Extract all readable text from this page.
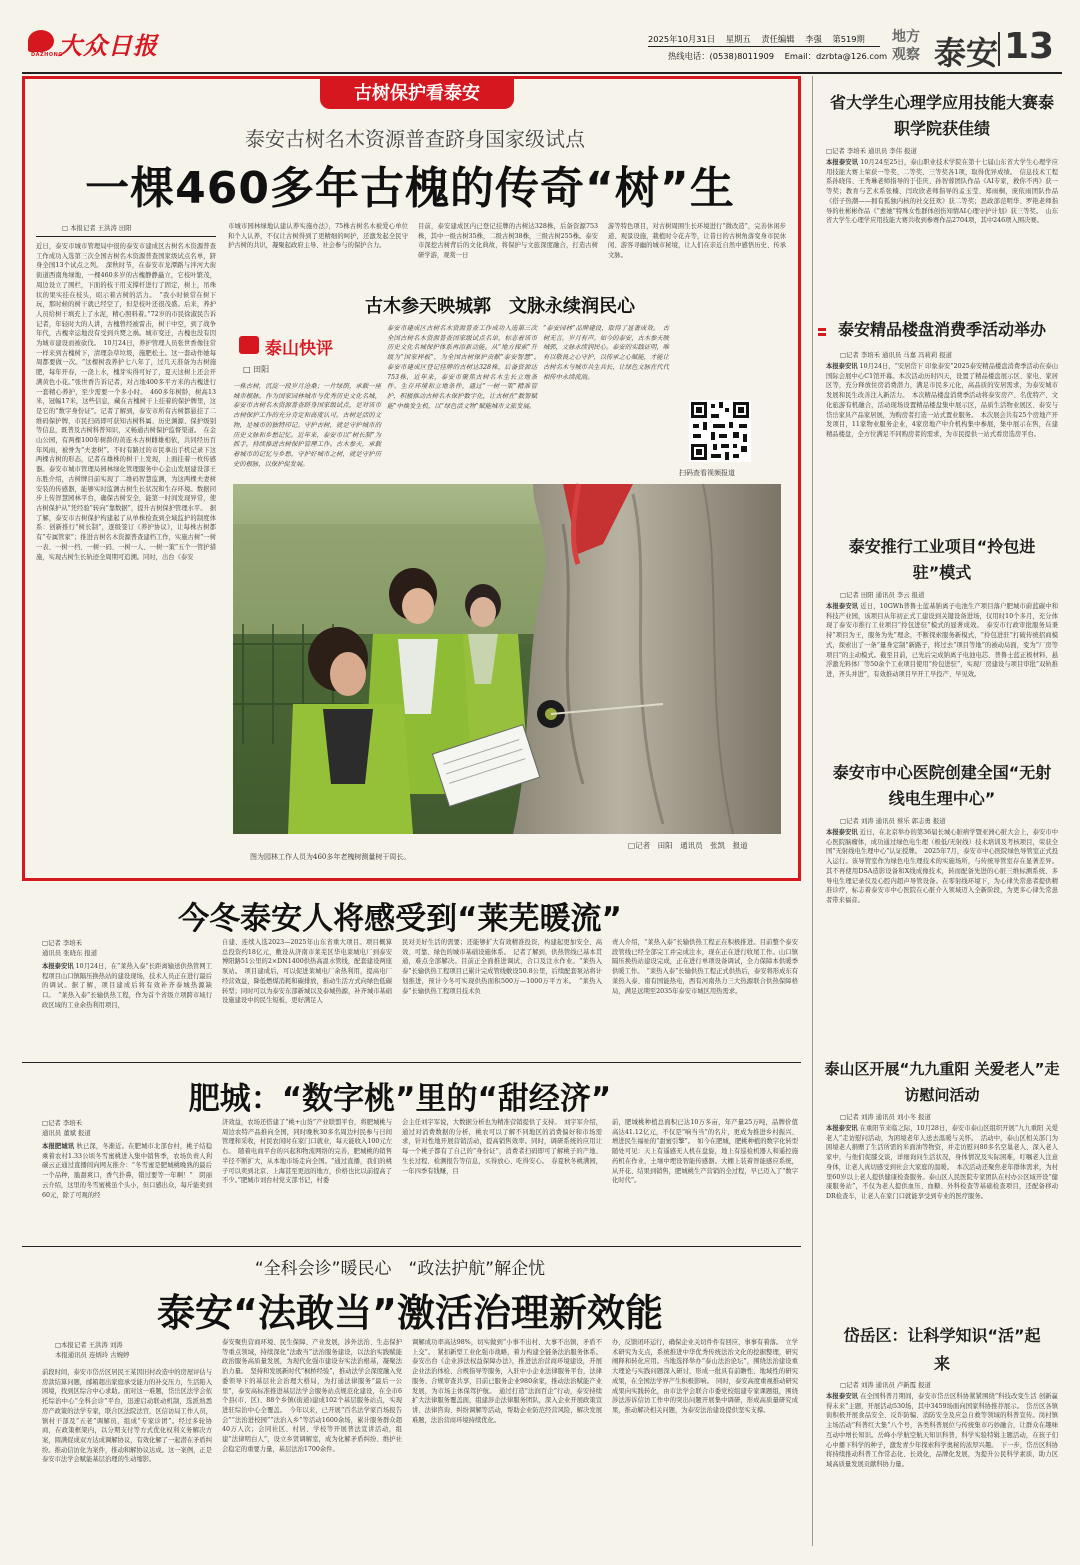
大众日报
DAZHONG
2025年10月31日 星期五 责任编辑 李强 第519期
热线电话：(0538)8011909 Email：dzrbta@126.com
地方
观察 泰安 13
古树保护看泰安
泰安古树名木资源普查跻身国家级试点
一棵460多年古槐的传奇“树”生
□ 本报记者 王洪涛 田阳
近日，泰安市城市管理局中很的泰安市建成区古树名木资源普查工作成功入选第三次全国古树名木资源普查国家级试点名单，跻身全国13个试点之列。　深秋时节，在泰安市龙潭路与泮河大街街道西南角绿地，一棵460多岁的古槐静静矗立，它枝叶繁茂，周边设立了围栏，下面的枝干用支撑杆进行了固定，树上，吊珠状的果实挂在枝头，昭示着古树的活力。　“我小时候常在树下玩，那时候的树干就已经空了，但是枝叶还很茂盛。后来，养护人员给树干填充上了水泥，精心照料着。”72岁的市民徐淑民告诉记者，年轻时大的人讲，古槐曾经被雷击，树干中空，到了战争年代，古槐幸运地没有受到兵燹之祸。城市变迁，古槐也没有因为城市建设而被砍伐。　10月24日，养护管理人员张世香像往常一样来到古槐树下，清理杂草垃圾，施肥松土。这一套动作她每周都要做一次。“这棵树我养护七八年了，过几天准备为古树施肥，每年开春，一浇上水，槐芽实得可好了，夏天这树上还会开满黄色小花。”张世香告诉记者，对占地400多平方米的古槐进行一套精心养护，至少需要一个多小时。　460多年树龄，树高13米，冠幅17米，这些信息，藏在古槐树干上挂着的保护牌里，这是它的“数字身份证”。记者了解到，泰安市所有古树都悬挂了二维码保护牌，市民扫码即可获知古树科属、历史渊源、保护级别等信息，既普及古树科普知识，又畅通古树保护监督渠道。　在金山公园，有两棵100年树龄的黄连木古树雌雄相依，共同经历百年风雨，被誉为“夫妻树”。不时有路过的市民拿出手机记录下这两棵古树的形态，记者在雄株的树干上发现，上面挂着一枚传感器。泰安市城市管理局园林绿化管理服务中心金山发展建设部王东胜介绍，古树牌目前实现了二维码智慧监测，为这两棵夫妻树安装的传感器，能够实时监测古树生长状况和生存环境。数据同步上传智慧园林平台，确保古树安全，能第一时间发现异常，使古树保护从“凭经验”转向“靠数据”，提升古树保护管理水平。　据了解，泰安市古树保护构建起了从单株检查到全域监护的制度体系：创新推行“树长制”，逐级签订《养护协议》，让每株古树都有“专属管家”；推进古树名木资源普查建档工作，实施古树“一树一表、一树一档、一树一码、一树一人、一树一策”五个一管护措施，实现古树生长轨迹全周期可追溯。同时，出台《泰安
市城市园林绿地认建认养实施办法》，75株古树名木被爱心单位和个人认养，不仅让古树得到了更精细的呵护，还激发起全民守护古树的共识，凝聚起政府主导、社会参与的保护合力。
目前，泰安建成区内已登记挂牌的古树达328株，后备资源753株，其中一级古树35株，二级古树38株，三级古树255株。泰安市深挖古树背后的文化典故，将保护与文旅深度融合，打造古树研学游，观赏一日
游等特色项目，对古树周围生长环境进行“微改造”，完善休闲步道、观景设施，栽植时令花卉等，让昔日的古树角落变身市民休闲、游客寻幽的城市秘境，让人们在亲近自然中感悟历史、传承文脉。
古木参天映城郭　文脉永续润民心
泰山快评
□ 田阳
一株古树，沉淀一段岁月沧桑；一片绿荫，承载一座城市根脉。作为国家园林城市与优秀历史文化名城，泰安市古树名木资源普查跻身国家级试点，是对该市古树保护工作的充分肯定和高度认可。古树是活的文物，是城市的独特印记。守护古树，就是守护城市的历史文脉和乡愁记忆。近年来，泰安市以“树长制”为抓手，持续推进古树保护管理工作。古木参天，承载着城市的记忆与乡愁，守护好城市之树，就是守护历史的根脉，以保护促发展。
泰安市建成区古树名木资源普查工作成功入选第三次全国古树名木资源普查国家级试点名单，标志着该市历史文化名城保护体系再添新动能。从“地方探索”升级为“国家样板”，为全国古树保护贡献“泰安智慧”。　泰安市建成区登记挂牌的古树达328株，后备资源达753株，近年来，泰安市聚焦古树名木生长立地条件、生存环境和立地条件，通过“一树一策”精准管护，积极推动古树名木保护数字化，让古树在“数智赋能”中焕发生机，以“绿色活文物”赋能城市文旅发展。
“泰安园林”品牌建设，取得了显著成效。　古树无言，岁月有声。如今的泰安，古木参天映城郭，文脉永续润民心。泰安的实践证明，唯有以敬畏之心守护，以传承之心赋能，才能让古树名木与城市共生共长，让绿色文脉在代代相传中永续流淌。
扫码查看视频报道
□记者　田阳　通讯员　张凯　报道
图为园林工作人员为460多年老槐树测量树干周长。
今冬泰安人将感受到“莱芜暖流”
□记者 李培禾
通讯员 张晓东 报道
本报泰安讯 10月24日，在“莱热入泰”长距离输送供热管网工程项目山口镇隔压换热站的建设现场，技术人员正在进行最后的调试。据了解，项目建成后将有效补齐泰城热源缺口。　“莱热入泰”长输供热工程，作为首个省级立项跨市域行政区域的工业余热利用项目，
自建、连续入选2023—2025年山东省重大项目。项目概算总投资约18亿元，敷设从济南市莱芜区华电莱城电厂到泰安博阳路51公里的2×DN1400供热高温水管线，配套建设两座泵站。　项目建成后，可以促进莱城电厂余热利用，提高电厂经营效益，降低燃煤消耗和碳排放，推动生活方式向绿色低碳转型；同时可以为泰安东部新城以及泰城热源，补齐城市基础设施建设中的民生短板，更好满足人
民对美好生活的需要；还能够扩大有效精准投资，构建起更加安全、高效、可靠、绿色的城市基础设施体系。　记者了解到，供热管线已基本贯通，难点全部解决。目前正全面推进调试、合口及注水作业。“莱热入泰”长输供热工程项目已累计完成管线敷设50.8公里，后续配套泵站将计划推进，预计今冬可实现供热面积500万—1000万平方米。　“莱热入泰”长输供热工程项目技术负
责人介绍，“莱热入泰”长输供热工程正在积极推进。目前整个泰安段管线已经全部完工并完成注水，现在正在进行收尾工作。山口镇隔压换热站建设完成，正在进行单项设备调试，全力保障本供暖季供暖工作。　“莱热入泰”长输供热工程正式供热后，泰安将形成东有莱热入泰、南有国能热电，西有河南热力三大热源联合供热保障格局，满足远期至2035年泰安市城区用热需求。
肥城：“数字桃”里的“甜经济”
□记者 李培禾
通讯员 董斌 报道
本报肥城讯 秋已深，冬渐近。在肥城市北部台村，桃子结稳乘着农村1.33公顷冬雪蜜桃进入集中销售季，农场负责人利碳云正通过直播间向网友推介：“冬雪蜜是肥城桃晚熟的最后一个品种，脆甜爽口，香气扑鼻，错过要等一年啊！”　阴丽云介绍，这里的冬雪蜜桃虽个头小，但口感出众，每斤能卖到60元，除了可观的经
济效益，农场还搭建了“桃+山货”产业联盟平台，将肥城桃与周边农特产品推向全国，同时晚秋30多名周边村民参与日间管理和采收，村民农闲时在家门口就业，每天能收入100元左右。　随着电商平台的兴起和物流网络的完善，肥城桃的销售半径不断扩大，从本地市场走向全国。“通过直播，我们的桃子可以卖到北京、上海甚至更远的地方，价格也比以前提高了不少。”肥城市刘台村党支部书记，村委
会主任刘宇军说，大数据分析也为精准营销提供了支持。　刘宇军介绍，通过对消费数据的分析，桃农可以了解不同地区的消费偏好和市场需求，针对性地开展营销活动，提高销售效率。同时，调研系统的应用让每一个桃子都有了自己的“身份证”，消费者扫码即可了解桃子的产地、生长过程、检测报告等信息，买得放心、吃得安心。　春夏秋冬桃满园，一年四季有钱赚，目
前，肥城桃种植总面积已达10万多亩，年产量25万吨，品牌价值高达41.12亿元，不仅是“响当当”的名片，更成为推进乡村振兴、增进民生福祉的“甜蜜引擎”。　如今在肥城，肥桃种植的数字化转型随处可见：天上有遥感无人机在盘旋，地上有巡检机器人和遥控施药机在作业，土壤中埋设智能传感器。大棚上装着智能感应系统，从开花、结果到销售，肥城桃生产营销的全过程，早已迈入了“数字化时代”。
“全科会诊”暖民心　“政法护航”解企忧
泰安“法敢当”激活治理新效能
□本报记者 王洪涛 刘涛
本报通讯员 连炳玲 古婉婷
前段时间，泰安市岱岳区居民王某因旧村改造中的房屋评估与房款结算问题，邮箱超出家庭承受能力的补交压力，生活陷入困境，找到区综合中心求助。面对这一难题，岱岳区法学会依托综治中心“全科会诊”平台，迅速启动联动机制，选派熟悉房产政策的法学专家，联合区法院法官，区信访局工作人员，镇村干部及“五老”调解员，组成“专家诊团”。经过多轮协商，在政策框架内，以分期支付等方式优化权利义务解决方案，圆满促成双方达成调解协议，有效化解了一起潜在矛盾纠纷。推动信访化为案件，推动和解协议达成。这一案例，正是泰安市法学会赋能基层治理的生动缩影。
泰安聚焦营商环境、民生保障、产业发展，涉外法治、生态保护等重点领域，持续深化“法敢当”法治服务建设，以法治实践赋能政治服务高质量发展，为现代化强市建设夯实法治根基，凝聚法治力量。　坚持和发展新时代“枫桥经验”，推动法学会深度融入党委领导下的基层社会治理大格局，为打通法律服务“最后一公里”，泰安高标准推进基层法学会服务站点规范化建设，在全市6个县(市、区)、88个乡镇(街道)建成102个基层服务站点，实现进驻综治中心全覆盖。　今年以来，已开展“百名法学家百场报告会”“法治进校园”“法治入乡”等活动1600余场，累计服务群众超40万人次；会同社区、村居、学校等开展普法宣讲活动，组建“法律明白人”，设立乡贤调解室，成为化解矛盾纠纷、维护社会稳定的重要力量，基层法治1700余件。
调解成功率高达98%，切实做到“小事不出村、大事不出镇，矛盾不上交”。　紧扣新型工业化强市战略，着力构建全链条法治服务体系。泰安出台《企业涉法权益保障办法》，推进法治营商环境建设，开展企业法治体检、合规指导等服务，入驻中小企业法律服务平台，法律服务、合规审查共享，目前已服务企业980余家，推动法治赋能产业发展，为市场主体保驾护航。　通过打造“法润百企”行动，泰安持续扩大法律服务覆盖面，组建涉企法律服务团队，深入企业开展政策宣讲、法律咨询、纠纷调解等活动，帮助企业防范经营风险，解决发展难题，法治营商环境持续优化。
办，反馈闭环运行，确保企业关切件件有回应，事事有着落。　立学术研究为支点，系统推进中华优秀传统法治文化的挖掘整理，研究阐释和转化应用。当地选择举办“泰山法治论坛”，围绕法治建设重大理论与实践问题深入研讨，形成一批具有前瞻性、地域性的研究成果，在全国法学界产生积极影响。　同时，泰安高度重视推动研究成果向实践转化，由市法学会联合市委党校组建专家课题组，围绕涉法涉诉信访工作中的突出问题开展集中调研，形成高质量研究成果，推动解决相关问题，为泰安法治建设提供坚实支撑。
省大学生心理学应用技能大赛泰职学院获佳绩
□记者 李培禾 通讯员 李伟 报道
本报泰安讯 10月24至25日，泰山职业技术学院在第十七届山东省大学生心理学应用技能大赛上荣获一等奖、二等奖、三等奖各1项，取得优异成绩。　信息技术工程系孙晓伟、王秀琳老师指导的于佳庆、孙智蓉团队作品《AI专家，救你不再》获一等奖；教育与艺术系张楠、闫玫欣老师指导的孟玉莹、郑雨桐，庞依雨团队作品《搭子热潮——拥有孤独内核的社交狂欢》获二等奖；思政部范明华、罗艳老师指导的杜彬彬作品《“愈她”特殊女性群体创伤知情AI心理守护计划》获三等奖。　山东省大学生心理学应用技能大赛共收到参赛作品2704项，其中246项入围决赛。
泰安精品楼盘消费季活动举办
□记者 李培禾 通讯员 马嘉 冯莉莉 报道
本报泰安讯 10月24日，“安居岱下 印象泰安”2025泰安精品楼盘消费季活动在泰山国际会展中心C1馆开幕。本次活动历时四天，设置了精品楼盘展示区、家电、家居区等，充分释放住房消费潜力，满足市民多元化，高品质的安居需求，为泰安城市发展和民生改善注入新活力。　本次精品楼盘消费季活动将泰安房产、名优特产、文化旅游有机融合，活动现场设置精品楼盘集中展示区，品质生活物业展区、泰安与岱岳家具产品家居展，为购房者打造一站式置业服务。　本次展会共有25个房地产开发项目，11家物业服务企业，4家房地产中介机构集中参展，集中展示在售，在建精品楼盘，全方位满足不同购房者的需求，为市民提供一站式看房选房平台。
泰安推行工业项目“拎包进驻”模式
□记者 田阳 通讯员 李云 报道
本报泰安讯 近日，10GWh普鲁士蓝基钠离子电池生产项目落户肥城市蔚蓝碳中和科技产业园，该项目从年初正式工建设到关键设备进场，仅用时10个多月，充分体现了泰安市推行工业项目“拎包进驻”模式的显著成效。　泰安市行政审批服务局秉持“项目为王，服务为先”理念，不断探索服务新模式，“拎包进驻”打破传统招商模式，探索出了一条“量身定制”新路子，将过去“项目等地”的被动局面，变为“厂房等项目”的主动模式。截至目前，已先后完成钠离子电池电芯、普鲁士蓝正极材料、悬浮激光料体厂等50余个工业项目使用“拎包进驻”，实现厂房建设与项目审批“双轨推进，齐头并进”，有效推动项目早开工早投产、早见效。
泰安市中心医院创建全国“无射线电生理中心”
□记者 刘涛 通讯员 蔡乐 郭志勇 报道
本报泰安讯 近日，在北京举办的第36届长城心脏病学暨亚洲心脏大会上，泰安市中心医院脑瘤体，成功通过绿色电生理（极低/无射线）技术培训及考核项目，荣获全国“无射线电生理中心”认证授牌。　2025年7月，泰安市中心医院绿色导管室正式投入运行。该导管室作为绿色电生理技术的实施场所，与传统导管室存在显著差异。其不再使用DSA造影设备和X线成像技术，转而配备先进的心脏三维标测系统、多导电生理记录仪及心腔内超声导管设备。在零射线环境下，为心律失常患者提供精准诊疗，标志着泰安市中心医院在心脏介入领域迈入全新阶段，为更多心律失常患者带来福音。
泰山区开展“九九重阳 关爱老人”走访慰问活动
□记者 刘涛 通讯员 刘小冬 报道
本报泰安讯 在重阳节来临之际，10月28日，泰安市泰山区组织开展“九九重阳 关爱老人”走访慰问活动，为困境老年人送去温暖与关怀。　活动中，泰山区相关部门为困境老人捐赠了生活所需的米面油等物资，并走访慰问80多名空巢老人、深入老人家中，与他们促膝交谈，详细询问生活状况，身体情况及实际困难，叮嘱老人注意身体，让老人真切感受到社会大家庭的温暖。　本次活动还聚焦老年群体需求，为村里60岁以上老人提供健康检查服务。泰山区人民医院专家团队在村办公区域开设“健康服务站”，不仅为老人提供血压、血糖、外科检查等基础检查项目，还配备移动DR检查车，让老人在家门口就能享受到专业的医疗服务。
岱岳区：让科学知识“活”起来
□记者 刘涛 通讯员 卢新霞 报道
本报泰安讯 在全国科普月期间，泰安市岱岳区科协紧紧围绕“科技改变生活 创新赢得未来”主题，开展活动530场，其中3459场面向国家科协推荐展示。　岱岳区各镇街积极开展食品安全、反诈防骗、消防安全及应急自救等领域的科普宣传。岗村镇主场活动“科普红大集”八个号，各类科普展位与传统集市巧妙融合，让群众在趣味互动中增长知识。岳峰小学航空航天知识科普，科学实验特辑主题活动，在孩子们心中播下科学的种子，激发青少年探索科学奥秘的浓厚兴趣。　下一步，岱岳区科协将持续推动科普工作常态化、长效化，品牌化发展，为提升公民科学素质，助力区域高质量发展贡献科协力量。
